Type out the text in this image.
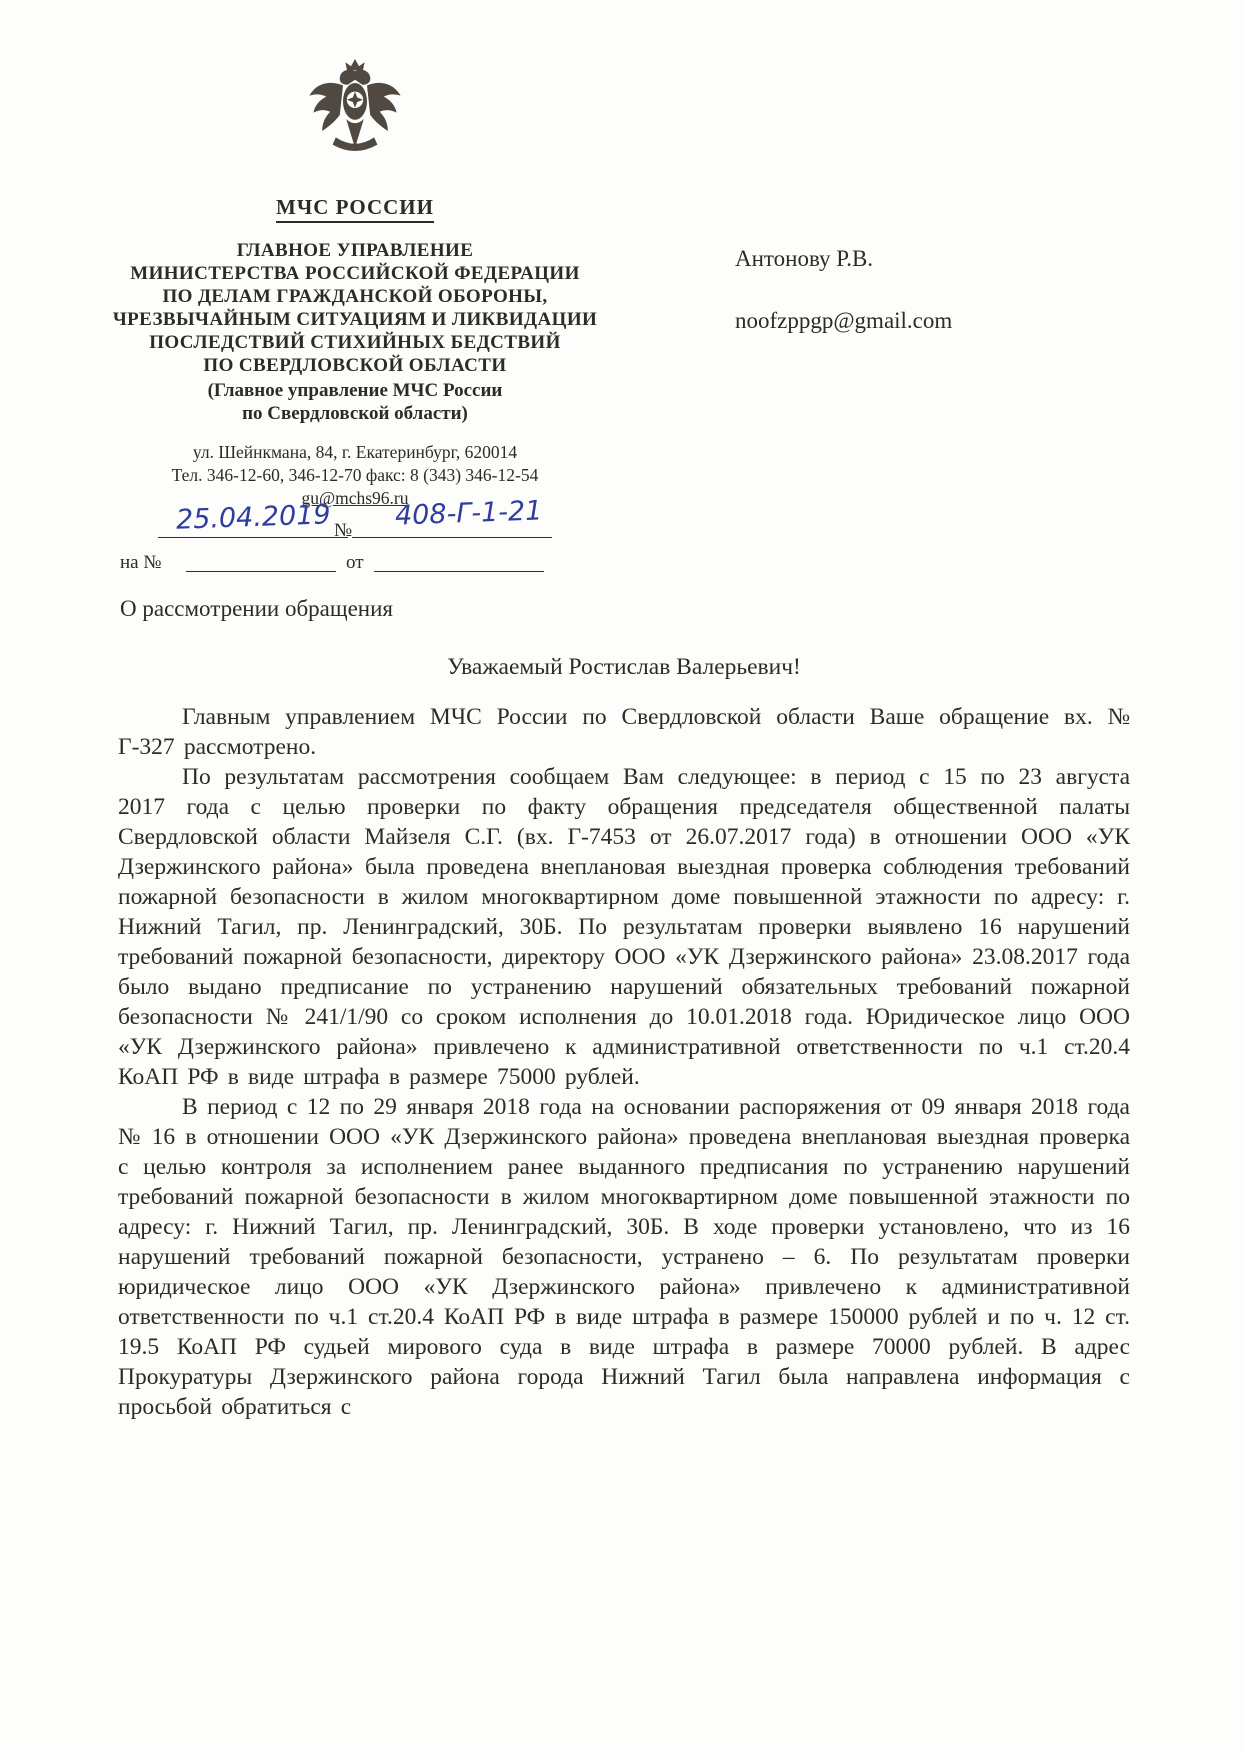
МЧС РОССИИ
ГЛАВНОЕ УПРАВЛЕНИЕ
МИНИСТЕРСТВА РОССИЙСКОЙ ФЕДЕРАЦИИ
ПО ДЕЛАМ ГРАЖДАНСКОЙ ОБОРОНЫ,
ЧРЕЗВЫЧАЙНЫМ СИТУАЦИЯМ И ЛИКВИДАЦИИ
ПОСЛЕДСТВИЙ СТИХИЙНЫХ БЕДСТВИЙ
ПО СВЕРДЛОВСКОЙ ОБЛАСТИ
(Главное управление МЧС России
по Свердловской области)
ул. Шейнкмана, 84, г. Екатеринбург, 620014
Тел. 346-12-60, 346-12-70 факс: 8 (343) 346-12-54
gu@mchs96.ru
25.04.2019 № 408-Г-1-21
на №	от
Антонову Р.В.
noofzppgp@gmail.com
О рассмотрении обращения
Уважаемый Ростислав Валерьевич!

Главным управлением МЧС России по Свердловской области Ваше обращение вх. № Г-327 рассмотрено.

По результатам рассмотрения сообщаем Вам следующее: в период с 15 по 23 августа 2017 года с целью проверки по факту обращения председателя общественной палаты Свердловской области Майзеля С.Г. (вх. Г-7453 от 26.07.2017 года) в отношении ООО «УК Дзержинского района» была проведена внеплановая выездная проверка соблюдения требований пожарной безопасности в жилом многоквартирном доме повышенной этажности по адресу: г. Нижний Тагил, пр. Ленинградский, 30Б. По результатам проверки выявлено 16 нарушений требований пожарной безопасности, директору ООО «УК Дзержинского района» 23.08.2017 года было выдано предписание по устранению нарушений обязательных требований пожарной безопасности № 241/1/90 со сроком исполнения до 10.01.2018 года. Юридическое лицо ООО «УК Дзержинского района» привлечено к административной ответственности по ч.1 ст.20.4 КоАП РФ в виде штрафа в размере 75000 рублей.

В период с 12 по 29 января 2018 года на основании распоряжения от 09 января 2018 года № 16 в отношении ООО «УК Дзержинского района» проведена внеплановая выездная проверка с целью контроля за исполнением ранее выданного предписания по устранению нарушений требований пожарной безопасности в жилом многоквартирном доме повышенной этажности по адресу: г. Нижний Тагил, пр. Ленинградский, 30Б. В ходе проверки установлено, что из 16 нарушений требований пожарной безопасности, устранено – 6. По результатам проверки юридическое лицо ООО «УК Дзержинского района» привлечено к административной ответственности по ч.1 ст.20.4 КоАП РФ в виде штрафа в размере 150000 рублей и по ч. 12 ст. 19.5 КоАП РФ судьей мирового суда в виде штрафа в размере 70000 рублей. В адрес Прокуратуры Дзержинского района города Нижний Тагил была направлена информация с просьбой обратиться с
